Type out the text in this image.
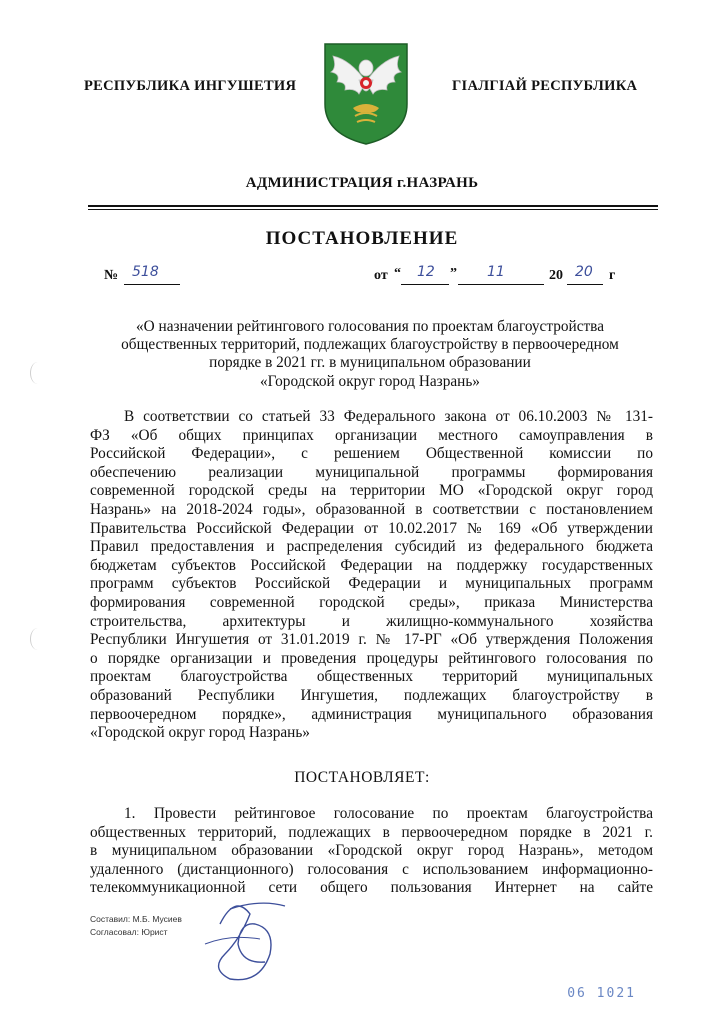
РЕСПУБЛИКА ИНГУШЕТИЯ	ГIАЛГIАЙ РЕСПУБЛИКА
АДМИНИСТРАЦИЯ г.НАЗРАНЬ
ПОСТАНОВЛЕНИЕ
№ 518	от “ 12 ” 11	20 20 г
«О назначении рейтингового голосования по проектам благоустройства
общественных территорий, подлежащих благоустройству в первоочередном
порядке в 2021 гг. в муниципальном образовании
«Городской округ город Назрань»
В соответствии со статьей 33 Федерального закона от 06.10.2003 № 131-
ФЗ «Об общих принципах организации местного самоуправления в
Российской Федерации», с решением Общественной комиссии по
обеспечению реализации муниципальной программы формирования
современной городской среды на территории МО «Городской округ город
Назрань» на 2018-2024 годы», образованной в соответствии с постановлением
Правительства Российской Федерации от 10.02.2017 № 169 «Об утверждении
Правил предоставления и распределения субсидий из федерального бюджета
бюджетам субъектов Российской Федерации на поддержку государственных
программ субъектов Российской Федерации и муниципальных программ
формирования современной городской среды», приказа Министерства
строительства, архитектуры и жилищно-коммунального хозяйства
Республики Ингушетия от 31.01.2019 г. № 17-РГ «Об утверждения Положения
о порядке организации и проведения процедуры рейтингового голосования по
проектам благоустройства общественных территорий муниципальных
образований Республики Ингушетия, подлежащих благоустройству в
первоочередном порядке», администрация муниципального образования
«Городской округ город Назрань»
ПОСТАНОВЛЯЕТ:
1. Провести рейтинговое голосование по проектам благоустройства
общественных территорий, подлежащих в первоочередном порядке в 2021 г.
в муниципальном образовании «Городской округ город Назрань», методом
удаленного (дистанционного) голосования с использованием информационно-
телекоммуникационной сети общего пользования Интернет на сайте
Составил: М.Б. Мусиев
Согласовал: Юрист
06 1021
